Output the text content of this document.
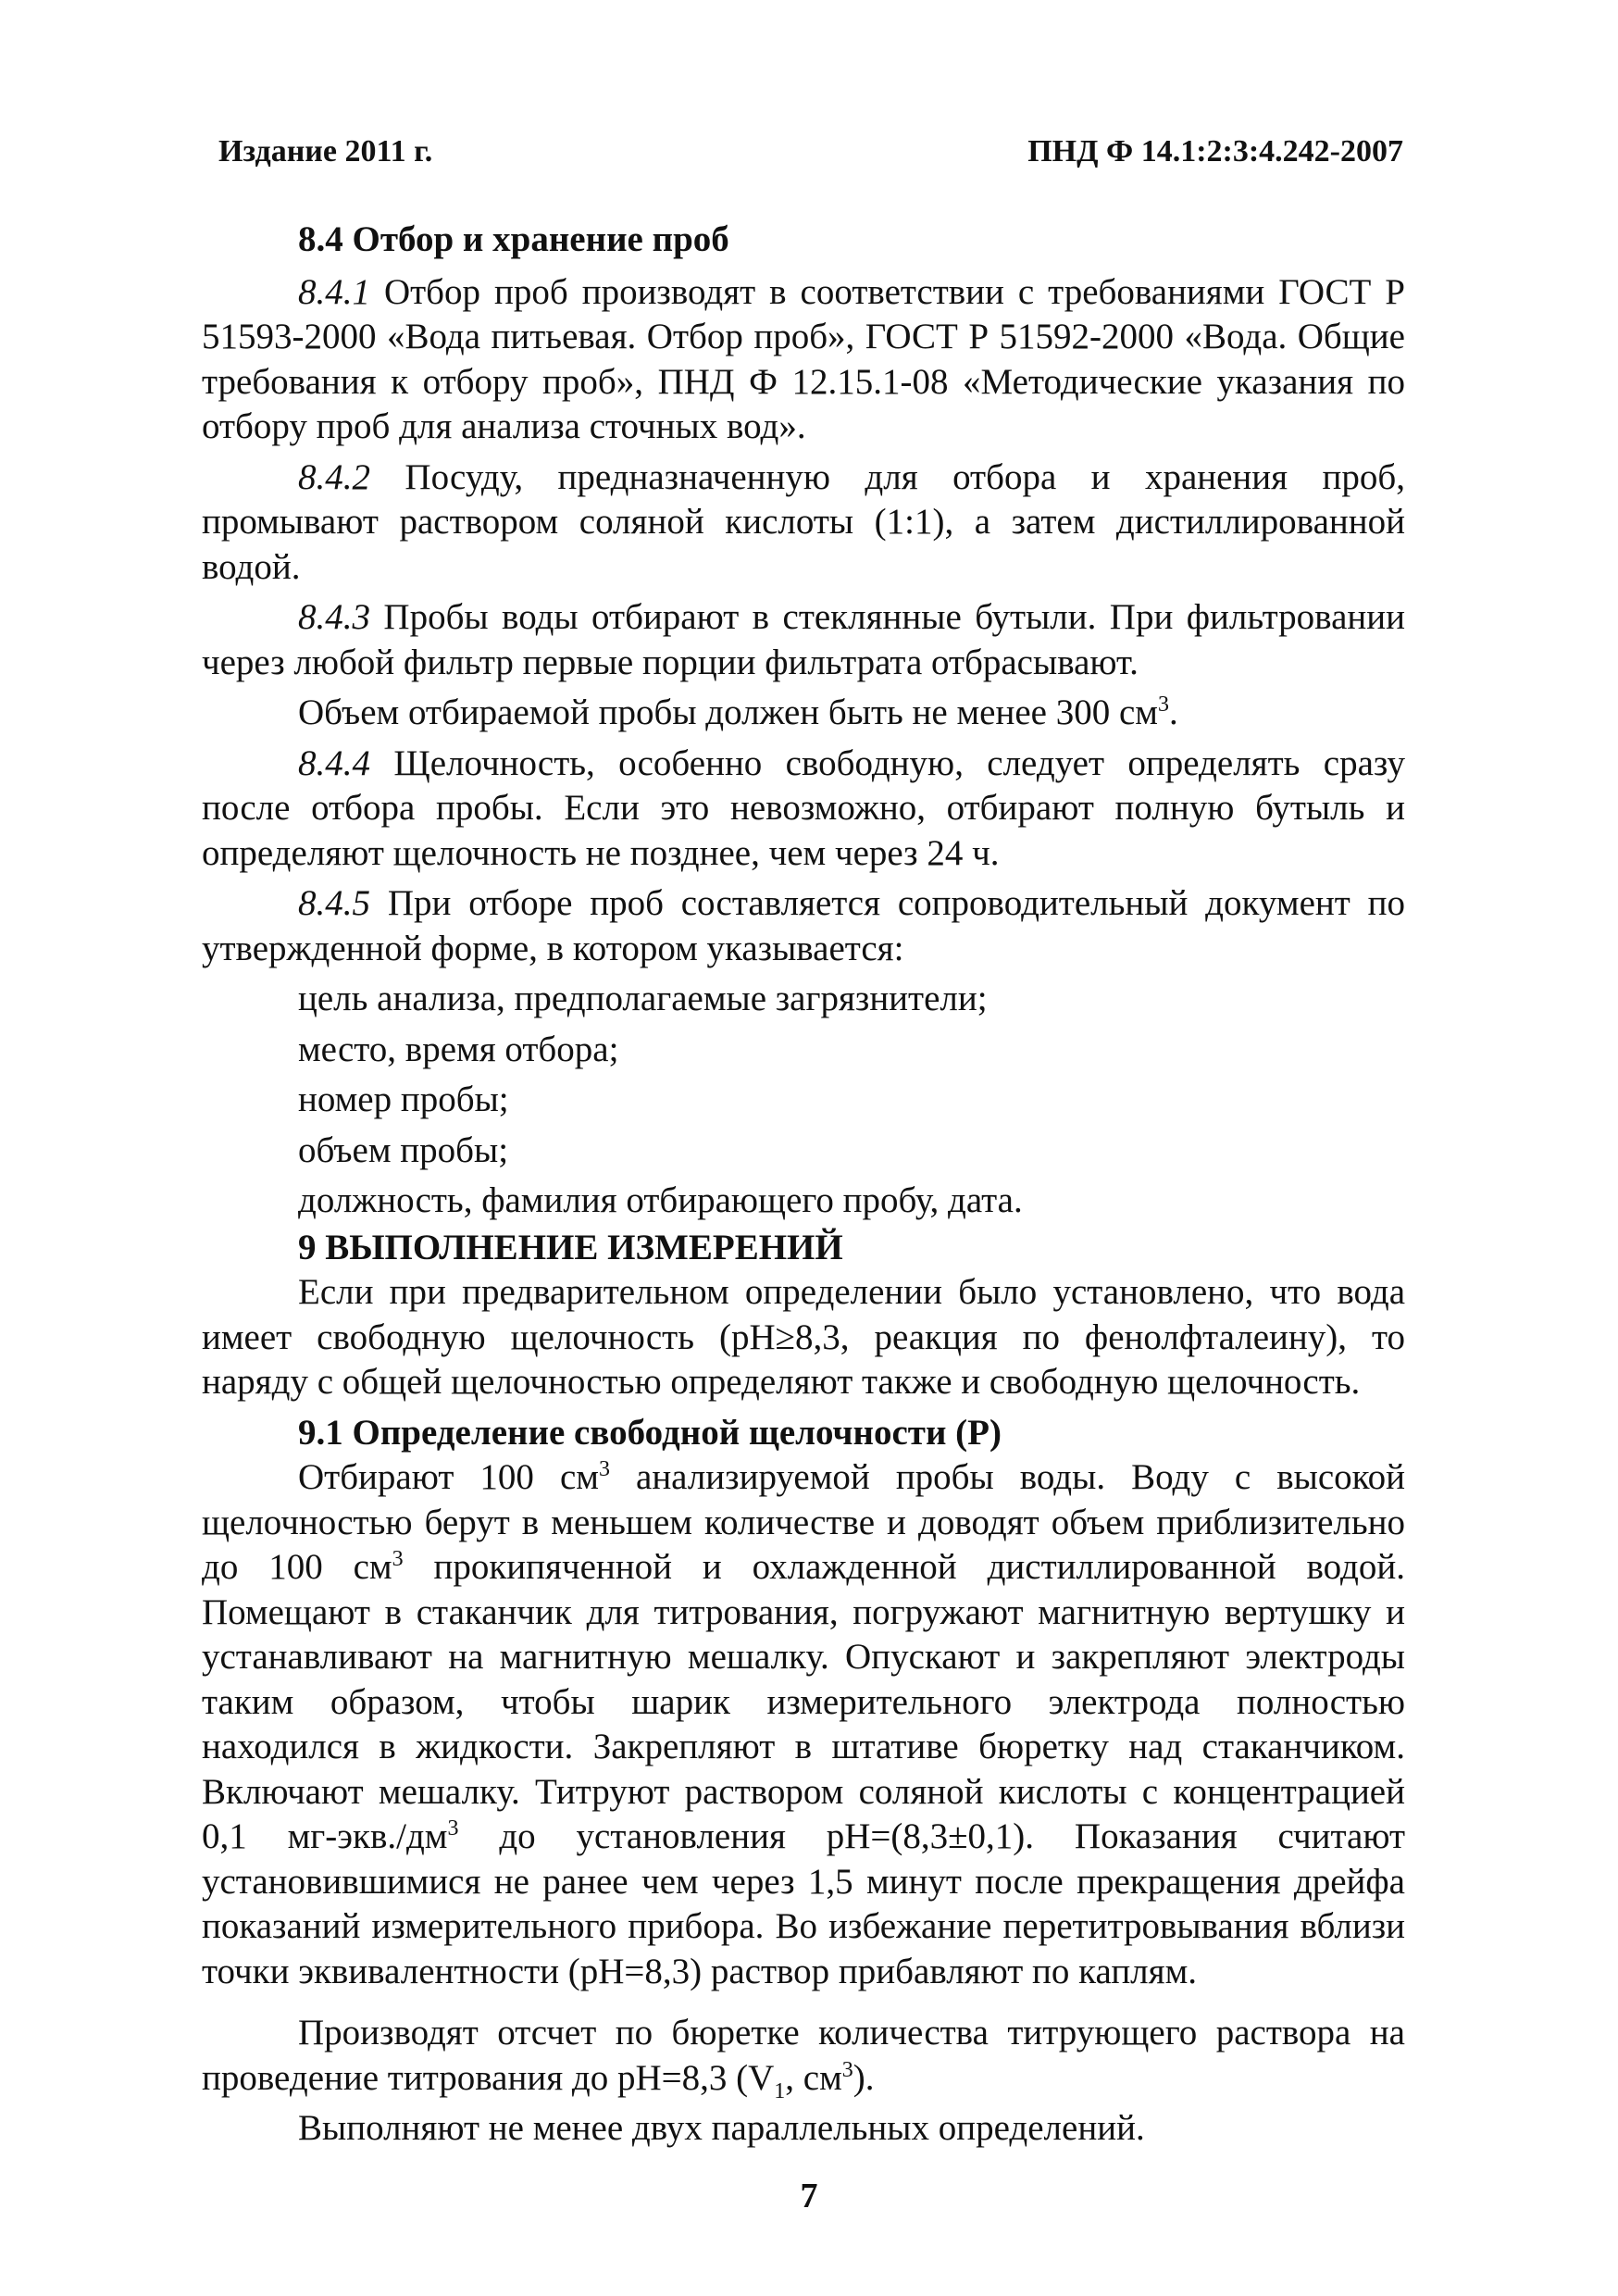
Издание 2011 г.	ПНД Ф 14.1:2:3:4.242-2007

8.4 Отбор и хранение проб

8.4.1 Отбор проб производят в соответствии с требованиями ГОСТ Р 51593-2000 «Вода питьевая. Отбор проб», ГОСТ Р 51592-2000 «Вода. Общие требования к отбору проб», ПНД Ф 12.15.1-08 «Методические указания по отбору проб для анализа сточных вод».

8.4.2 Посуду, предназначенную для отбора и хранения проб, промывают раствором соляной кислоты (1:1), а затем дистиллированной водой.

8.4.3 Пробы воды отбирают в стеклянные бутыли. При фильтровании через любой фильтр первые порции фильтрата отбрасывают.

Объем отбираемой пробы должен быть не менее 300 $см^3$.

8.4.4 Щелочность, особенно свободную, следует определять сразу после отбора пробы. Если это невозможно, отбирают полную бутыль и определяют щелочность не позднее, чем через 24 ч.

8.4.5 При отборе проб составляется сопроводительный документ по утвержденной форме, в котором указывается:

цель анализа, предполагаемые загрязнители;

место, время отбора;

номер пробы;

объем пробы;

должность, фамилия отбирающего пробу, дата.

9 ВЫПОЛНЕНИЕ ИЗМЕРЕНИЙ

Если при предварительном определении было установлено, что вода имеет свободную щелочность (pH≥8,3, реакция по фенолфталеину), то наряду с общей щелочностью определяют также и свободную щелочность.

9.1 Определение свободной щелочности (P)

Отбирают 100 $см^3$ анализируемой пробы воды. Воду с высокой щелочностью берут в меньшем количестве и доводят объем приблизительно до 100 $см^3$ прокипяченной и охлажденной дистиллированной водой. Помещают в стаканчик для титрования, погружают магнитную вертушку и устанавливают на магнитную мешалку. Опускают и закрепляют электроды таким образом, чтобы шарик измерительного электрода полностью находился в жидкости. Закрепляют в штативе бюретку над стаканчиком. Включают мешалку. Титруют раствором соляной кислоты с концентрацией 0,1 $мг-экв./дм^3$ до установления pH=(8,3±0,1). Показания считают установившимися не ранее чем через 1,5 минут после прекращения дрейфа показаний измерительного прибора. Во избежание перетитровывания вблизи точки эквивалентности (pH=8,3) раствор прибавляют по каплям.

Производят отсчет по бюретке количества титрующего раствора на проведение титрования до pH=8,3 ($V_1$, $см^3$).

Выполняют не менее двух параллельных определений.

7
